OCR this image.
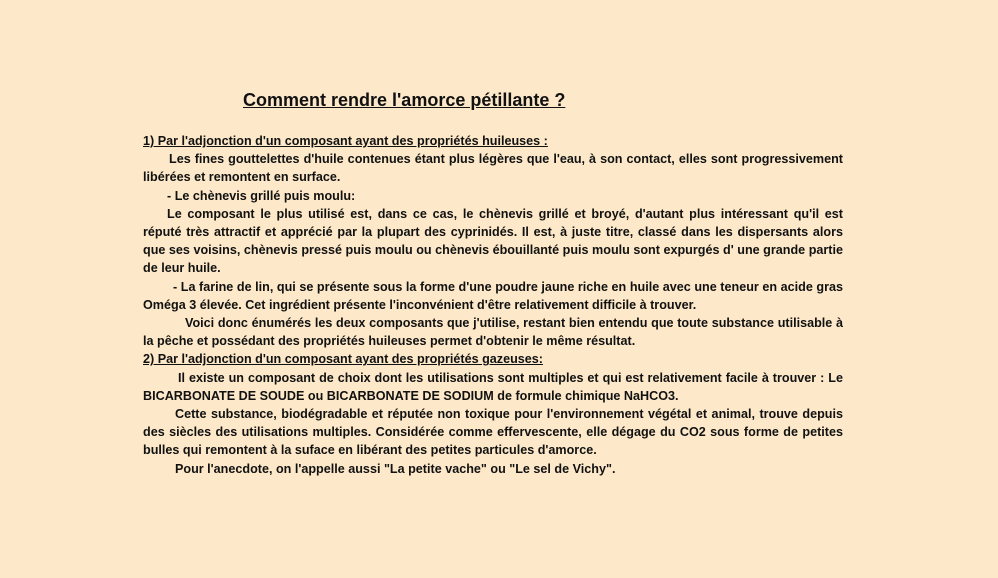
Comment rendre l'amorce pétillante ?

1) Par l'adjonction d'un composant ayant des propriétés huileuses :

Les fines gouttelettes d'huile contenues étant plus légères que l'eau, à son contact, elles sont progressivement libérées et remontent en surface.

- Le chènevis grillé puis moulu:

Le composant le plus utilisé est, dans ce cas, le chènevis grillé et broyé, d'autant plus intéressant qu'il est réputé très attractif et apprécié par la plupart des cyprinidés. Il est, à juste titre, classé dans les dispersants alors que ses voisins, chènevis pressé puis moulu ou chènevis ébouillanté puis moulu sont expurgés d' une grande partie de leur huile.

- La farine de lin, qui se présente sous la forme d'une poudre jaune riche en huile avec une teneur en acide gras Oméga 3 élevée. Cet ingrédient présente l'inconvénient d'être relativement difficile à trouver.

Voici donc énumérés les deux composants que j'utilise, restant bien entendu que toute substance utilisable à la pêche et possédant des propriétés huileuses permet d'obtenir le même résultat.

2) Par l'adjonction d'un composant ayant des propriétés gazeuses:

Il existe un composant de choix dont les utilisations sont multiples et qui est relativement facile à trouver : Le BICARBONATE DE SOUDE ou BICARBONATE DE SODIUM de formule chimique NaHCO3.

Cette substance, biodégradable et réputée non toxique pour l'environnement végétal et animal, trouve depuis des siècles des utilisations multiples. Considérée comme effervescente, elle dégage du CO2 sous forme de petites bulles qui remontent à la suface en libérant des petites particules d'amorce.

Pour l'anecdote, on l'appelle aussi "La petite vache" ou "Le sel de Vichy".
